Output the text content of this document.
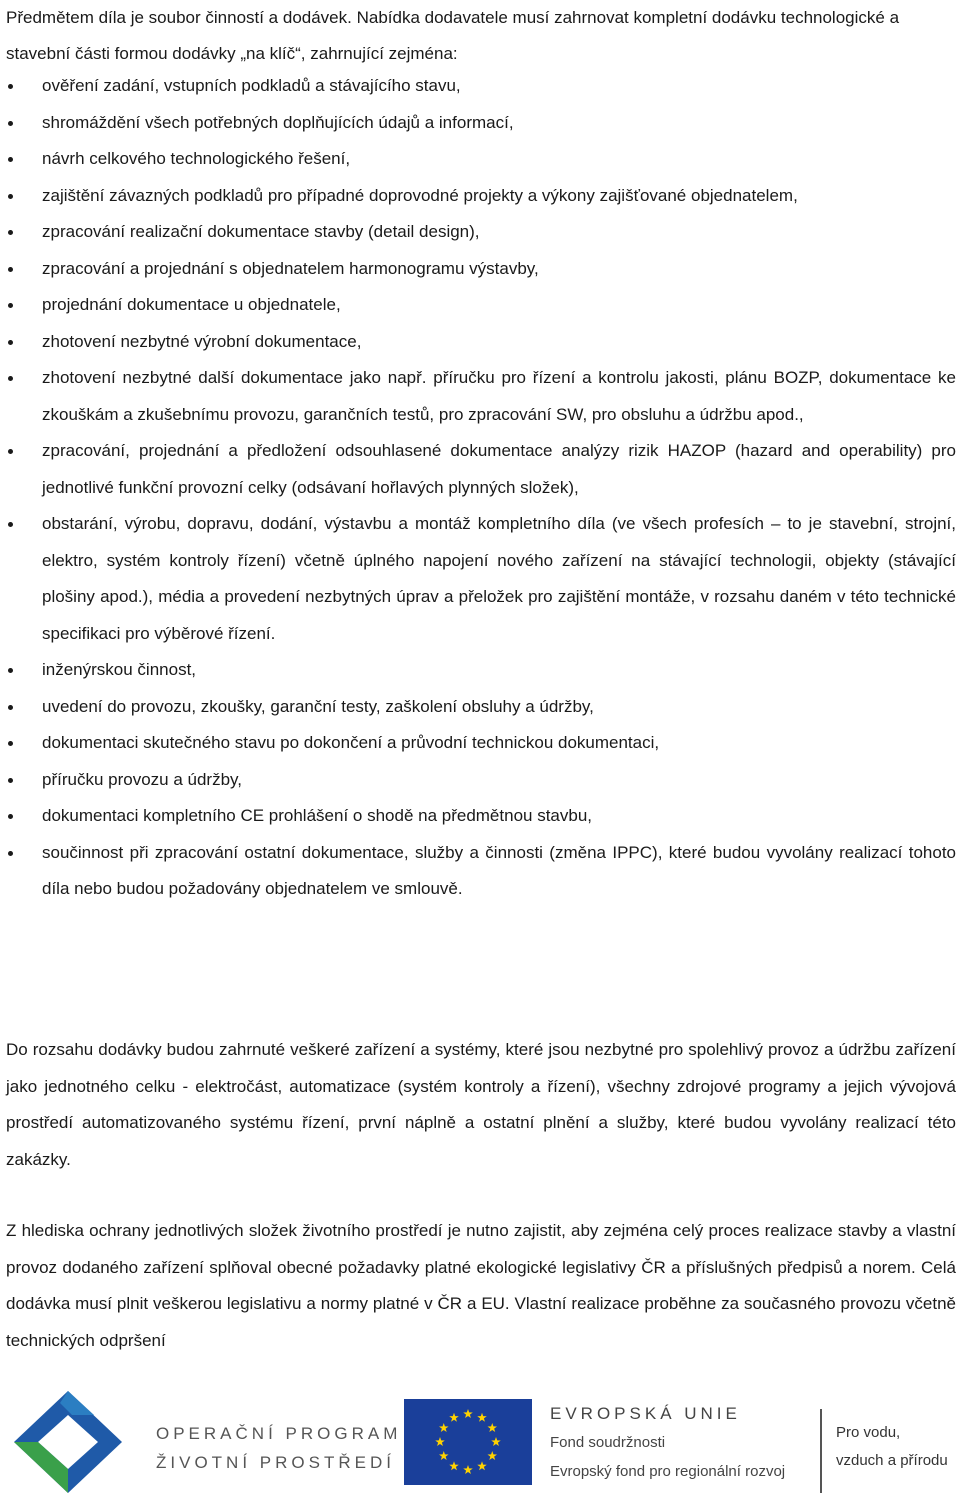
Předmětem díla je soubor činností a dodávek. Nabídka dodavatele musí zahrnovat kompletní dodávku technologické a stavební části formou dodávky „na klíč“, zahrnující zejména:

ověření zadání, vstupních podkladů a stávajícího stavu,
shromáždění všech potřebných doplňujících údajů a informací,
návrh celkového technologického řešení,
zajištění závazných podkladů pro případné doprovodné projekty a výkony zajišťované objednatelem,
zpracování realizační dokumentace stavby (detail design),
zpracování a projednání s objednatelem harmonogramu výstavby,
projednání dokumentace u objednatele,
zhotovení nezbytné výrobní dokumentace,
zhotovení nezbytné další dokumentace jako např. příručku pro řízení a kontrolu jakosti, plánu BOZP, dokumentace ke zkouškám a zkušebnímu provozu, garančních testů, pro zpracování SW, pro obsluhu a údržbu apod.,
zpracování, projednání a předložení odsouhlasené dokumentace analýzy rizik HAZOP (hazard and operability) pro jednotlivé funkční provozní celky (odsávaní hořlavých plynných složek),
obstarání, výrobu, dopravu, dodání, výstavbu a montáž kompletního díla (ve všech profesích – to je stavební, strojní, elektro, systém kontroly řízení) včetně úplného napojení nového zařízení na stávající technologii, objekty (stávající plošiny apod.), média a provedení nezbytných úprav a přeložek pro zajištění montáže, v rozsahu daném v této technické specifikaci pro výběrové řízení.
inženýrskou činnost,
uvedení do provozu, zkoušky, garanční testy, zaškolení obsluhy a údržby,
dokumentaci skutečného stavu po dokončení a průvodní technickou dokumentaci,
příručku provozu a údržby,
dokumentaci kompletního CE prohlášení o shodě na předmětnou stavbu,
součinnost při zpracování ostatní dokumentace, služby a činnosti (změna IPPC), které budou vyvolány realizací tohoto díla nebo budou požadovány objednatelem ve smlouvě.

Do rozsahu dodávky budou zahrnuté veškeré zařízení a systémy, které jsou nezbytné pro spolehlivý provoz a údržbu zařízení jako jednotného celku - elektročást, automatizace (systém kontroly a řízení), všechny zdrojové programy a jejich vývojová prostředí automatizovaného systému řízení, první náplně a ostatní plnění a služby, které budou vyvolány realizací této zakázky.

Z hlediska ochrany jednotlivých složek životního prostředí je nutno zajistit, aby zejména celý proces realizace stavby a vlastní provoz dodaného zařízení splňoval obecné požadavky platné ekologické legislativy ČR a příslušných předpisů a norem. Celá dodávka musí plnit veškerou legislativu a normy platné v ČR a EU. Vlastní realizace proběhne za současného provozu včetně technických odpršení

OPERAČNÍ PROGRAM
ŽIVOTNÍ PROSTŘEDÍ
EVROPSKÁ UNIE
Fond soudržnosti
Evropský fond pro regionální rozvoj
Pro vodu,
vzduch a přírodu
